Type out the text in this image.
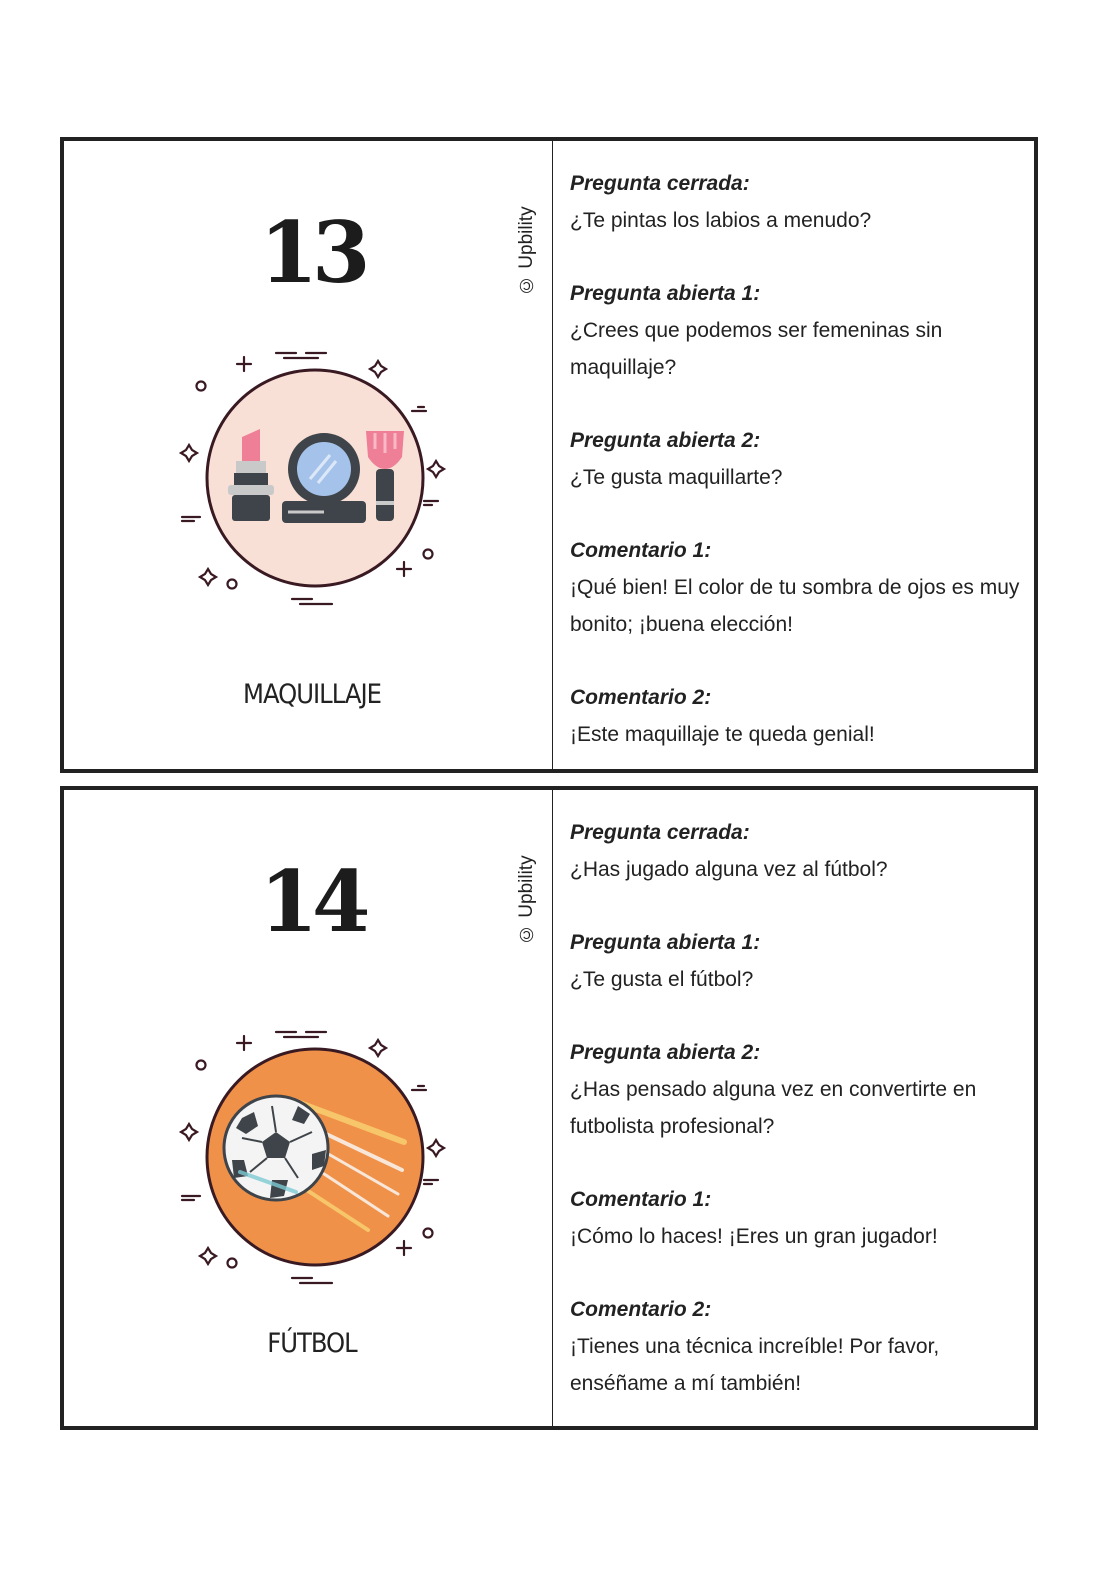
13	© Upbility
MAQUILLAJE
Pregunta cerrada:
¿Te pintas los labios a menudo?
Pregunta abierta 1:
¿Crees que podemos ser femeninas sin maquillaje?
Pregunta abierta 2:
¿Te gusta maquillarte?
Comentario 1:
¡Qué bien! El color de tu sombra de ojos es muy bonito; ¡buena elección!
Comentario 2:
¡Este maquillaje te queda genial!
14	© Upbility
FÚTBOL
Pregunta cerrada:
¿Has jugado alguna vez al fútbol?
Pregunta abierta 1:
¿Te gusta el fútbol?
Pregunta abierta 2:
¿Has pensado alguna vez en convertirte en futbolista profesional?
Comentario 1:
¡Cómo lo haces! ¡Eres un gran jugador!
Comentario 2:
¡Tienes una técnica increíble! Por favor, enséñame a mí también!
